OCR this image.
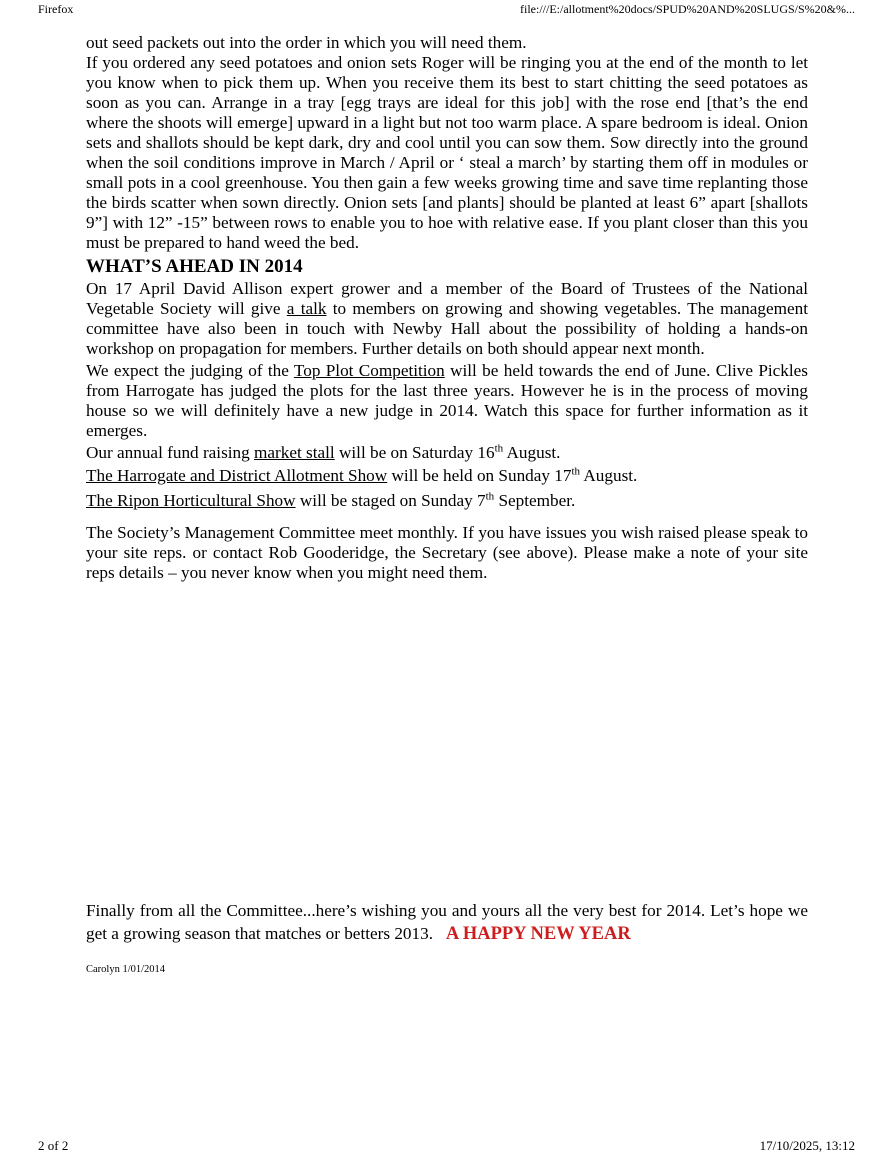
Firefox	file:///E:/allotment%20docs/SPUD%20AND%20SLUGS/S%20&%...

out seed packets out into the order in which you will need them.

If you ordered any seed potatoes and onion sets Roger will be ringing you at the end of the month to let you know when to pick them up. When you receive them its best to start chitting the seed potatoes as soon as you can. Arrange in a tray [egg trays are ideal for this job] with the rose end [that’s the end where the shoots will emerge] upward in a light but not too warm place. A spare bedroom is ideal. Onion sets and shallots should be kept dark, dry and cool until you can sow them. Sow directly into the ground when the soil conditions improve in March / April or ‘ steal a march’ by starting them off in modules or small pots in a cool greenhouse. You then gain a few weeks growing time and save time replanting those the birds scatter when sown directly. Onion sets [and plants] should be planted at least 6” apart [shallots 9”] with 12” -15” between rows to enable you to hoe with relative ease. If you plant closer than this you must be prepared to hand weed the bed.

WHAT’S AHEAD IN 2014

On 17 April David Allison expert grower and a member of the Board of Trustees of the National Vegetable Society will give a talk to members on growing and showing vegetables. The management committee have also been in touch with Newby Hall about the possibility of holding a hands-on workshop on propagation for members. Further details on both should appear next month.

We expect the judging of the Top Plot Competition will be held towards the end of June. Clive Pickles from Harrogate has judged the plots for the last three years. However he is in the process of moving house so we will definitely have a new judge in 2014. Watch this space for further information as it emerges.

Our annual fund raising market stall will be on Saturday 16th August.

The Harrogate and District Allotment Show will be held on Sunday 17th August.

The Ripon Horticultural Show will be staged on Sunday 7th September.

The Society’s Management Committee meet monthly. If you have issues you wish raised please speak to your site reps. or contact Rob Gooderidge, the Secretary (see above). Please make a note of your site reps details – you never know when you might need them.

Finally from all the Committee...here’s wishing you and yours all the very best for 2014. Let’s hope we get a growing season that matches or betters 2013.   A HAPPY NEW YEAR

Carolyn 1/01/2014

2 of 2	17/10/2025, 13:12
